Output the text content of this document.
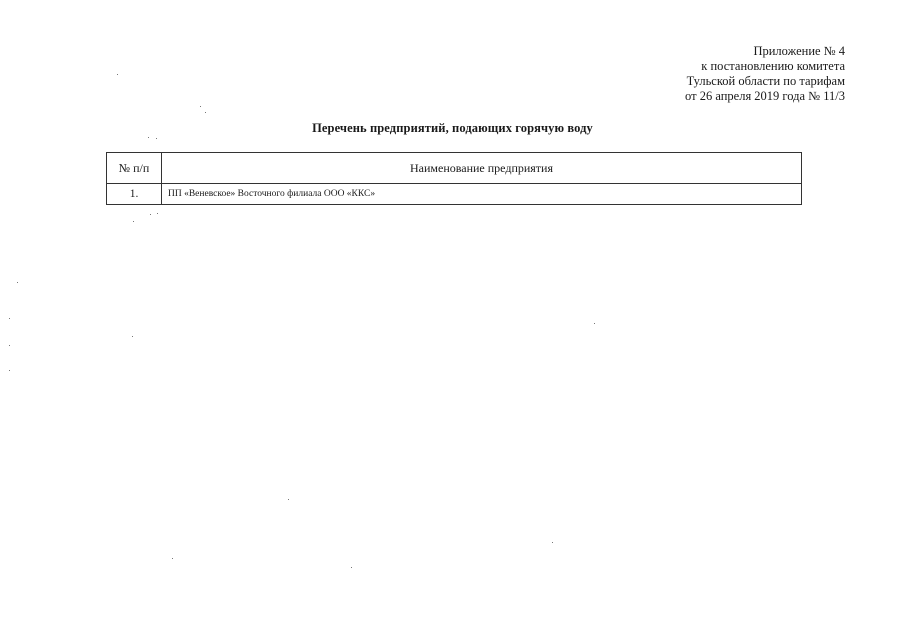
Приложение № 4
к постановлению комитета
Тульской области по тарифам
от 26 апреля 2019 года № 11/3
Перечень предприятий, подающих горячую воду
№ п/п	Наименование предприятия
1.	ПП «Веневское» Восточного филиала ООО «ККС»
